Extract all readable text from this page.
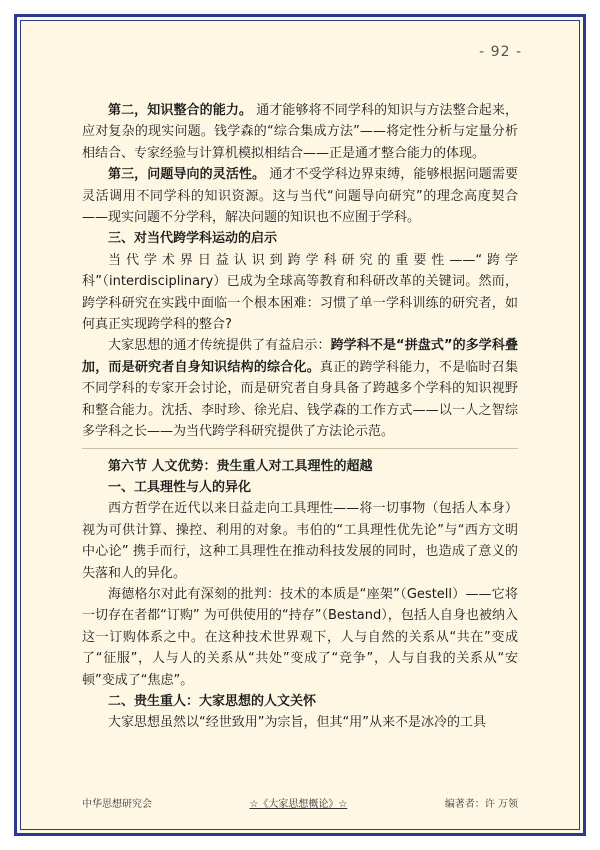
- 92 -

第二，知识整合的能力。 通才能够将不同学科的知识与方法整合起来，应对复杂的现实问题。钱学森的“综合集成方法”——将定性分析与定量分析相结合、专家经验与计算机模拟相结合——正是通才整合能力的体现。

第三，问题导向的灵活性。 通才不受学科边界束缚，能够根据问题需要灵活调用不同学科的知识资源。这与当代“问题导向研究”的理念高度契合——现实问题不分学科，解决问题的知识也不应囿于学科。

三、对当代跨学科运动的启示

当代学术界日益认识到跨学科研究的重要性——“跨学科”（interdisciplinary）已成为全球高等教育和科研改革的关键词。然而，跨学科研究在实践中面临一个根本困难：习惯了单一学科训练的研究者，如何真正实现跨学科的整合?

大家思想的通才传统提供了有益启示：跨学科不是“拼盘式”的多学科叠加，而是研究者自身知识结构的综合化。真正的跨学科能力，不是临时召集不同学科的专家开会讨论，而是研究者自身具备了跨越多个学科的知识视野和整合能力。沈括、李时珍、徐光启、钱学森的工作方式——以一人之智综多学科之长——为当代跨学科研究提供了方法论示范。

第六节 人文优势：贵生重人对工具理性的超越

一、工具理性与人的异化

西方哲学在近代以来日益走向工具理性——将一切事物（包括人本身）视为可供计算、操控、利用的对象。韦伯的“工具理性优先论”与“西方文明中心论” 携手而行，这种工具理性在推动科技发展的同时，也造成了意义的失落和人的异化。

海德格尔对此有深刻的批判：技术的本质是“座架”（Gestell）——它将一切存在者都“订购” 为可供使用的“持存”（Bestand），包括人自身也被纳入这一订购体系之中。在这种技术世界观下，人与自然的关系从“共在”变成了“征服”，人与人的关系从“共处”变成了“竞争”，人与自我的关系从“安顿”变成了“焦虑”。

二、贵生重人：大家思想的人文关怀

大家思想虽然以“经世致用”为宗旨，但其“用”从来不是冰冷的工具

中华思想研究会	☆《大家思想概论》☆	编著者：许 万领
